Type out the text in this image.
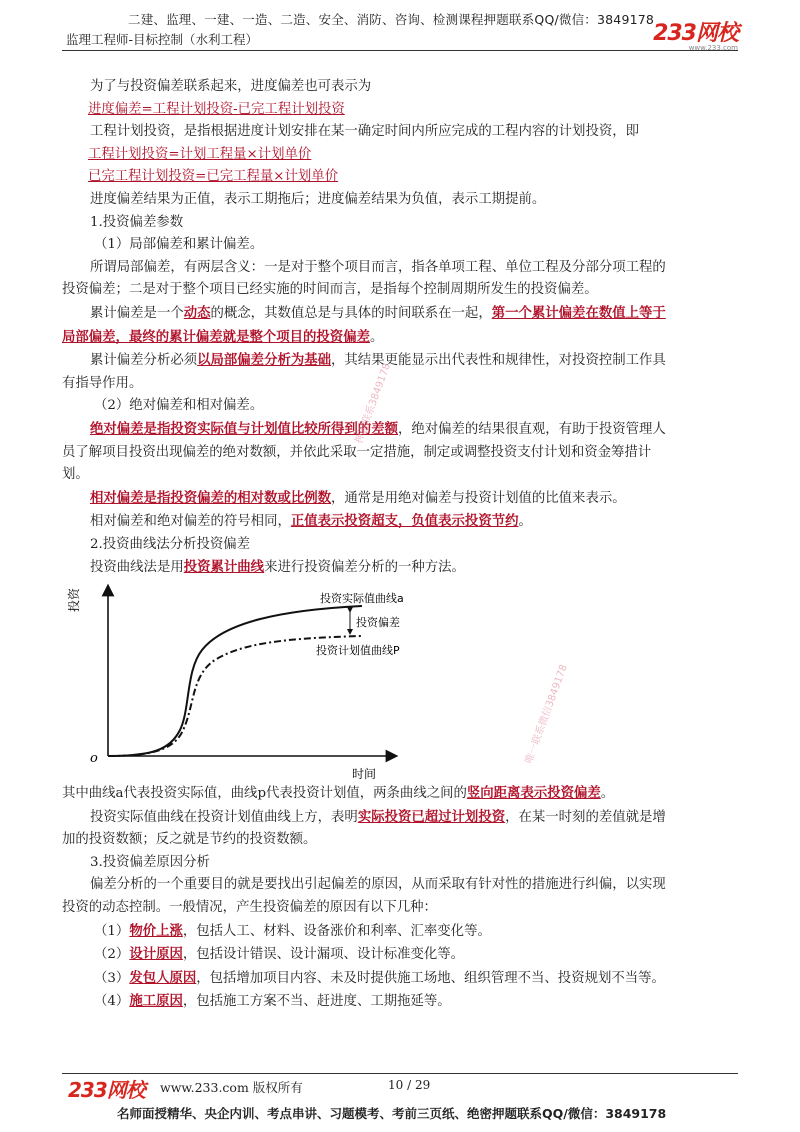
二建、监理、一建、一造、二造、安全、消防、咨询、检测课程押题联系QQ/微信：3849178
监理工程师-目标控制（水利工程）	233网校
www.233.com

为了与投资偏差联系起来，进度偏差也可表示为

进度偏差=工程计划投资-已完工程计划投资

工程计划投资，是指根据进度计划安排在某一确定时间内所应完成的工程内容的计划投资，即

工程计划投资=计划工程量×计划单价

已完工程计划投资=已完工程量×计划单价

进度偏差结果为正值，表示工期拖后；进度偏差结果为负值，表示工期提前。

1.投资偏差参数

（1）局部偏差和累计偏差。

所谓局部偏差，有两层含义：一是对于整个项目而言，指各单项工程、单位工程及分部分项工程的

投资偏差；二是对于整个项目已经实施的时间而言，是指每个控制周期所发生的投资偏差。

累计偏差是一个动态的概念，其数值总是与具体的时间联系在一起，第一个累计偏差在数值上等于

局部偏差，最终的累计偏差就是整个项目的投资偏差。

累计偏差分析必须以局部偏差分析为基础，其结果更能显示出代表性和规律性，对投资控制工作具

有指导作用。

（2）绝对偏差和相对偏差。

绝对偏差是指投资实际值与计划值比较所得到的差额，绝对偏差的结果很直观，有助于投资管理人

员了解项目投资出现偏差的绝对数额，并依此采取一定措施，制定或调整投资支付计划和资金筹措计

划。

相对偏差是指投资偏差的相对数或比例数，通常是用绝对偏差与投资计划值的比值来表示。

相对偏差和绝对偏差的符号相同，正值表示投资超支，负值表示投资节约。

2.投资曲线法分析投资偏差

投资曲线法是用投资累计曲线来进行投资偏差分析的一种方法。

投资
时间
o
投资实际值曲线a
投资偏差
投资计划值曲线P
押题联系3849178
唯一联系微信3849178

其中曲线a代表投资实际值，曲线p代表投资计划值，两条曲线之间的竖向距离表示投资偏差。

投资实际值曲线在投资计划值曲线上方，表明实际投资已超过计划投资，在某一时刻的差值就是增

加的投资数额；反之就是节约的投资数额。

3.投资偏差原因分析

偏差分析的一个重要目的就是要找出引起偏差的原因，从而采取有针对性的措施进行纠偏，以实现

投资的动态控制。一般情况，产生投资偏差的原因有以下几种：

（1）物价上涨，包括人工、材料、设备涨价和利率、汇率变化等。

（2）设计原因，包括设计错误、设计漏项、设计标准变化等。

（3）发包人原因，包括增加项目内容、未及时提供施工场地、组织管理不当、投资规划不当等。

（4）施工原因，包括施工方案不当、赶进度、工期拖延等。

233网校 www.233.com 版权所有	10 / 29
名师面授精华、央企内训、考点串讲、习题模考、考前三页纸、绝密押题联系QQ/微信：3849178
